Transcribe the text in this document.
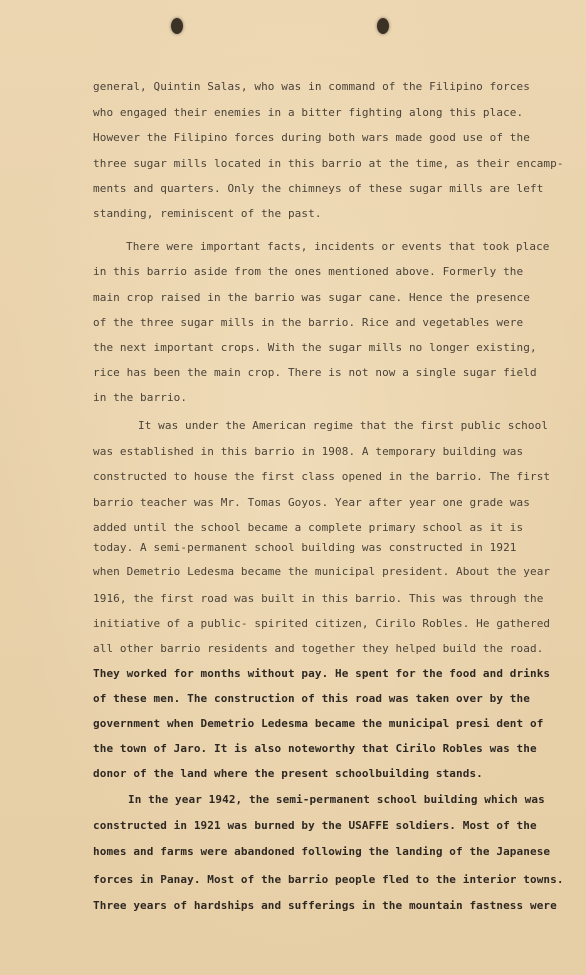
general, Quintin Salas, who was in command of the Filipino forces
who engaged their enemies in a bitter fighting along this place.
However the Filipino forces during both wars made good use of the
three sugar mills located in this barrio at the time, as their encamp-
ments and quarters. Only the chimneys of these sugar mills are left
standing, reminiscent of the past.
There were important facts, incidents or events that took place
in this barrio aside from the ones mentioned above. Formerly the
main crop raised in the barrio was sugar cane. Hence the presence
of the three sugar mills in the barrio. Rice and vegetables were
the next important crops. With the sugar mills no longer existing,
rice has been the main crop. There is not now a single sugar field
in the barrio.
It was under the American regime that the first public school
was established in this barrio in 1908. A temporary building was
constructed to house the first class opened in the barrio. The first
barrio teacher was Mr. Tomas Goyos. Year after year one grade was
added until the school became a complete primary school as it is
today. A semi-permanent school building was constructed in 1921
when Demetrio Ledesma became the municipal president. About the year
1916, the first road was built in this barrio. This was through the
initiative of a public- spirited citizen, Cirilo Robles. He gathered
all other barrio residents and together they helped build the road.
They worked for months without pay. He spent for the food and drinks
of these men. The construction of this road was taken over by the
government when Demetrio Ledesma became the municipal presi dent of
the town of Jaro. It is also noteworthy that Cirilo Robles was the
donor of the land where the present schoolbuilding stands.
In the year 1942, the semi-permanent school building which was
constructed in 1921 was burned by the USAFFE soldiers. Most of the
homes and farms were abandoned following the landing of the Japanese
forces in Panay. Most of the barrio people fled to the interior towns.
Three years of hardships and sufferings in the mountain fastness were
